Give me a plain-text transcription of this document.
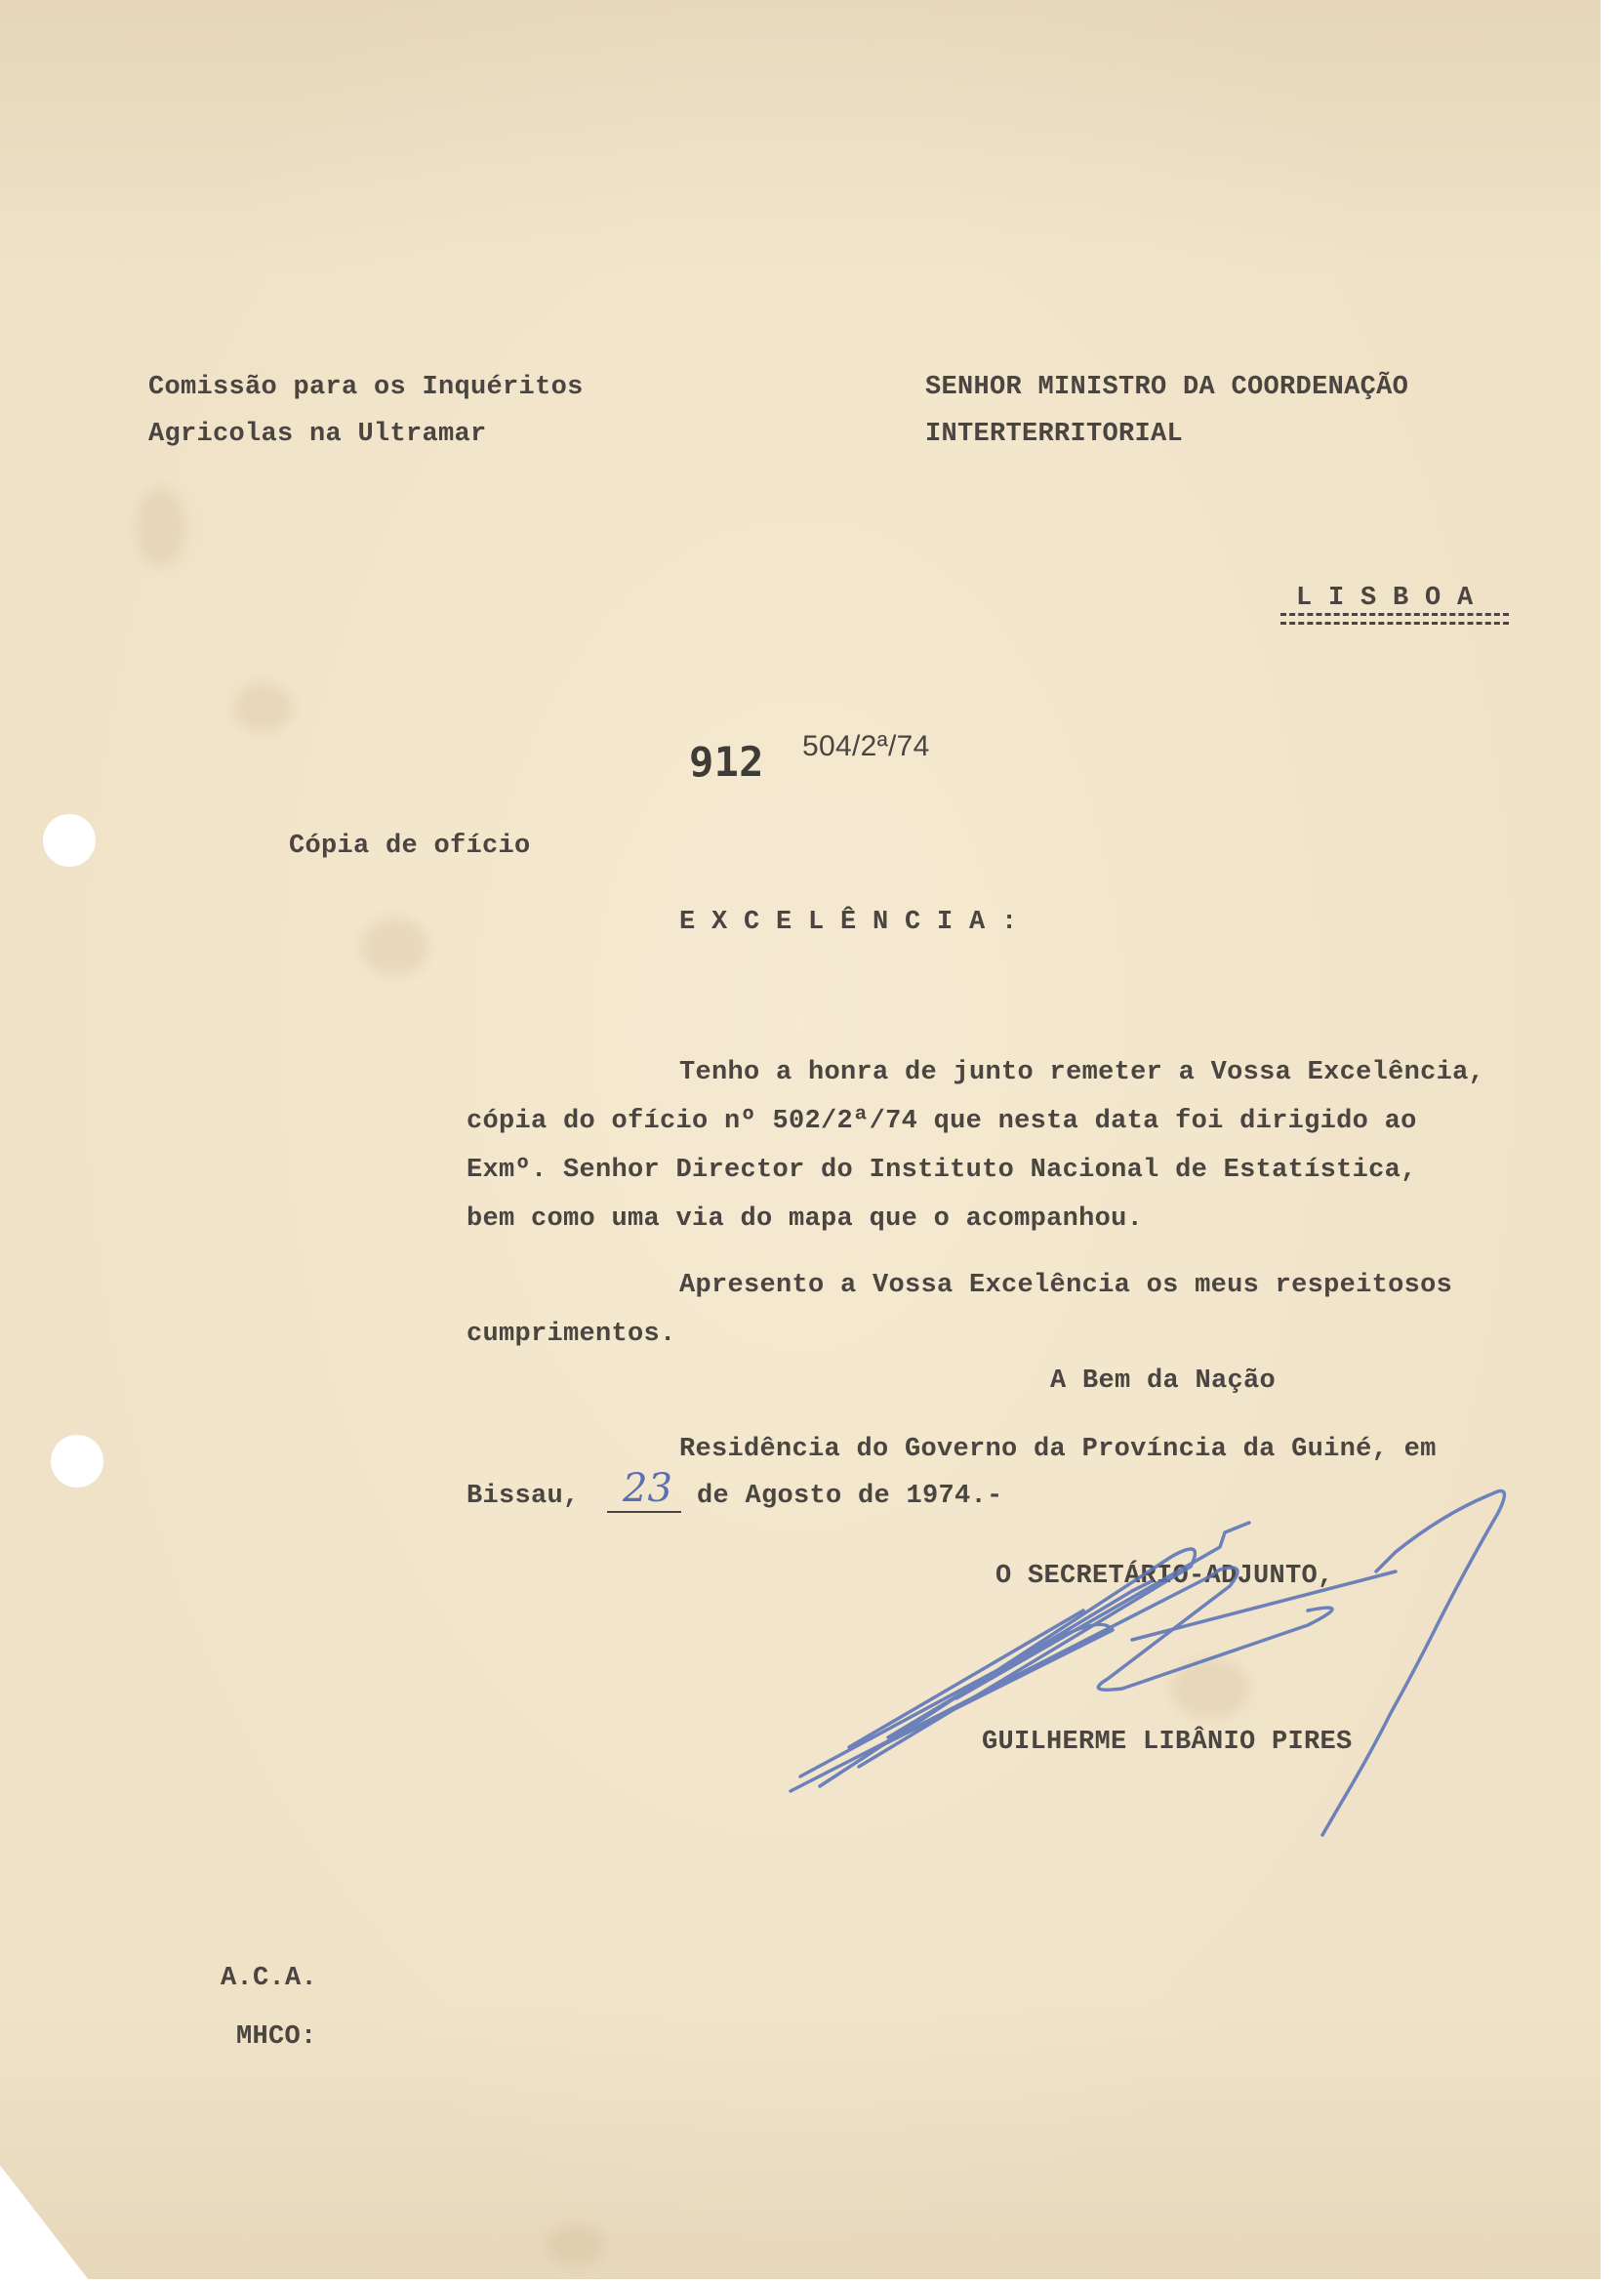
Comissão para os Inquéritos
Agricolas na Ultramar
SENHOR MINISTRO DA COORDENAÇÃO
INTERTERRITORIAL
L I S B O A
912 504/2ª/74
Cópia de ofício
E X C E L Ê N C I A :
Tenho a honra de junto remeter a Vossa Excelência,
cópia do ofício nº 502/2ª/74 que nesta data foi dirigido ao
Exmº. Senhor Director do Instituto Nacional de Estatística,
bem como uma via do mapa que o acompanhou.
Apresento a Vossa Excelência os meus respeitosos
cumprimentos.
A Bem da Nação
Residência do Governo da Província da Guiné, em
Bissau, 23 de Agosto de 1974.-
O SECRETÁRIO-ADJUNTO,
GUILHERME LIBÂNIO PIRES
A.C.A.
MHCO:
